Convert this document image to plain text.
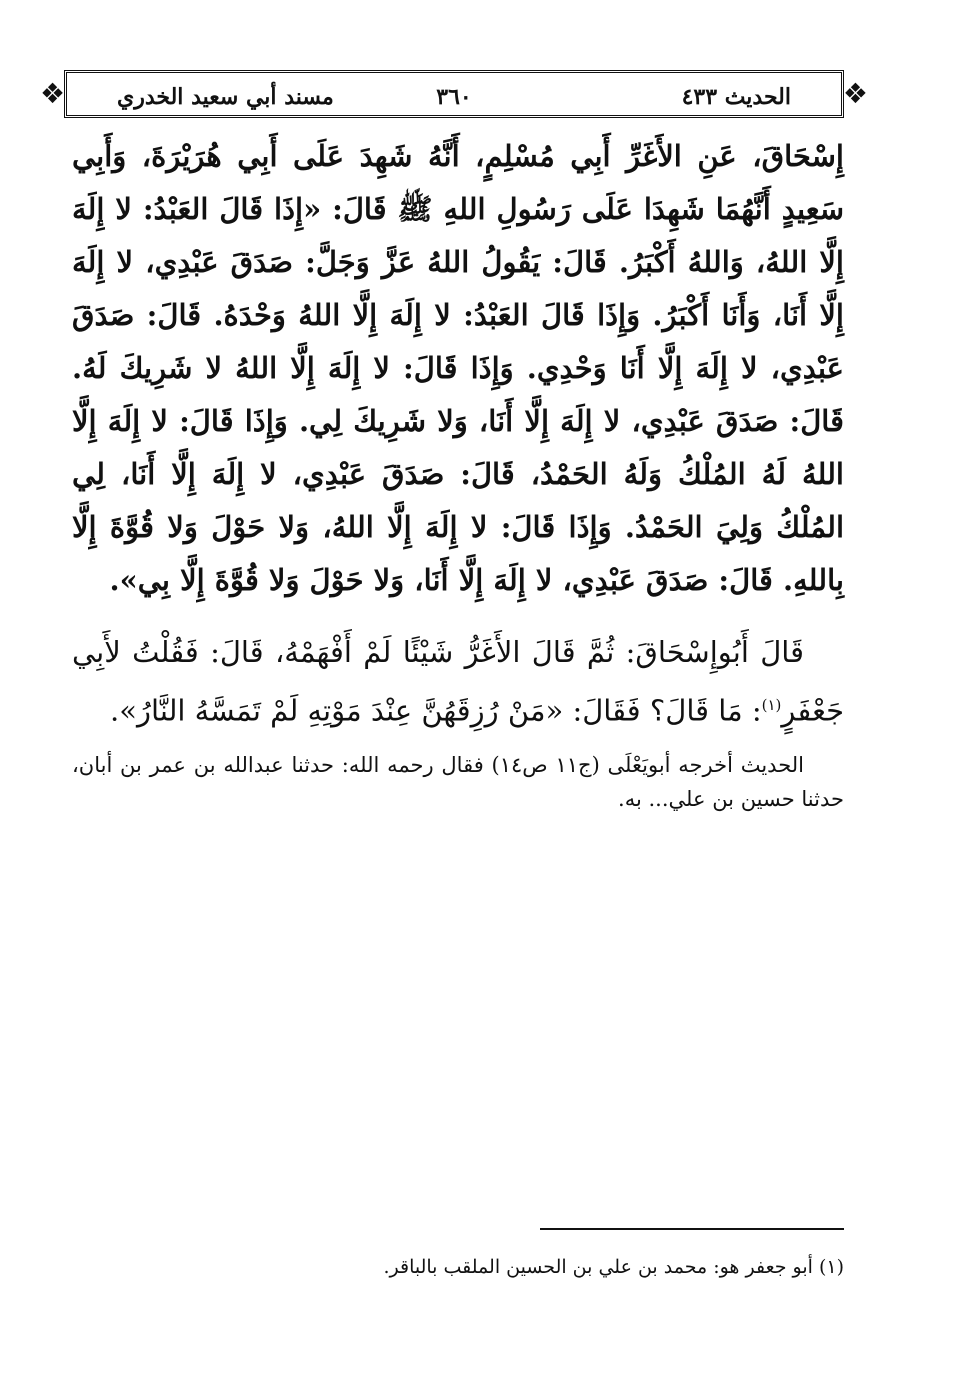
❖	الحديث ٤٣٣
٣٦٠
مسند أبي سعيد الخدري	❖
إِسْحَاقَ، عَنِ الأَغَرِّ أَبِي مُسْلِمٍ، أَنَّهُ شَهِدَ عَلَى أَبِي هُرَيْرَةَ، وَأَبِي سَعِيدٍ أَنَّهُمَا شَهِدَا عَلَى رَسُولِ اللهِ ﷺ قَالَ: «إِذَا قَالَ العَبْدُ: لا إِلَهَ إِلَّا اللهُ، وَاللهُ أَكْبَرُ. قَالَ: يَقُولُ اللهُ عَزَّ وَجَلَّ: صَدَقَ عَبْدِي، لا إِلَهَ إِلَّا أَنَا، وَأَنَا أَكْبَرُ. وَإِذَا قَالَ العَبْدُ: لا إِلَهَ إِلَّا اللهُ وَحْدَهُ. قَالَ: صَدَقَ عَبْدِي، لا إِلَهَ إِلَّا أَنَا وَحْدِي. وَإِذَا قَالَ: لا إِلَهَ إِلَّا اللهُ لا شَرِيكَ لَهُ. قَالَ: صَدَقَ عَبْدِي، لا إِلَهَ إِلَّا أَنَا، وَلا شَرِيكَ لِي. وَإِذَا قَالَ: لا إِلَهَ إِلَّا اللهُ لَهُ المُلْكُ وَلَهُ الحَمْدُ، قَالَ: صَدَقَ عَبْدِي، لا إِلَهَ إِلَّا أَنَا، لِي المُلْكُ وَلِيَ الحَمْدُ. وَإِذَا قَالَ: لا إِلَهَ إِلَّا اللهُ، وَلا حَوْلَ وَلا قُوَّةَ إِلَّا بِاللهِ. قَالَ: صَدَقَ عَبْدِي، لا إِلَهَ إِلَّا أَنَا، وَلا حَوْلَ وَلا قُوَّةَ إِلَّا بِي».
قَالَ أَبُوإِسْحَاقَ: ثُمَّ قَالَ الأَغَرُّ شَيْئًا لَمْ أَفْهَمْهُ، قَالَ: فَقُلْتُ لأَبِي جَعْفَرٍ$^{(١)}$: مَا قَالَ؟ فَقَالَ: «مَنْ رُزِقَهُنَّ عِنْدَ مَوْتِهِ لَمْ تَمَسَّهُ النَّارُ».
الحديث أخرجه أبويَعْلَى (ج١١ ص١٤) فقال رحمه الله: حدثنا عبدالله بن عمر بن أبان، حدثنا حسين بن علي... به.
(١) أبو جعفر هو: محمد بن علي بن الحسين الملقب بالباقر.
